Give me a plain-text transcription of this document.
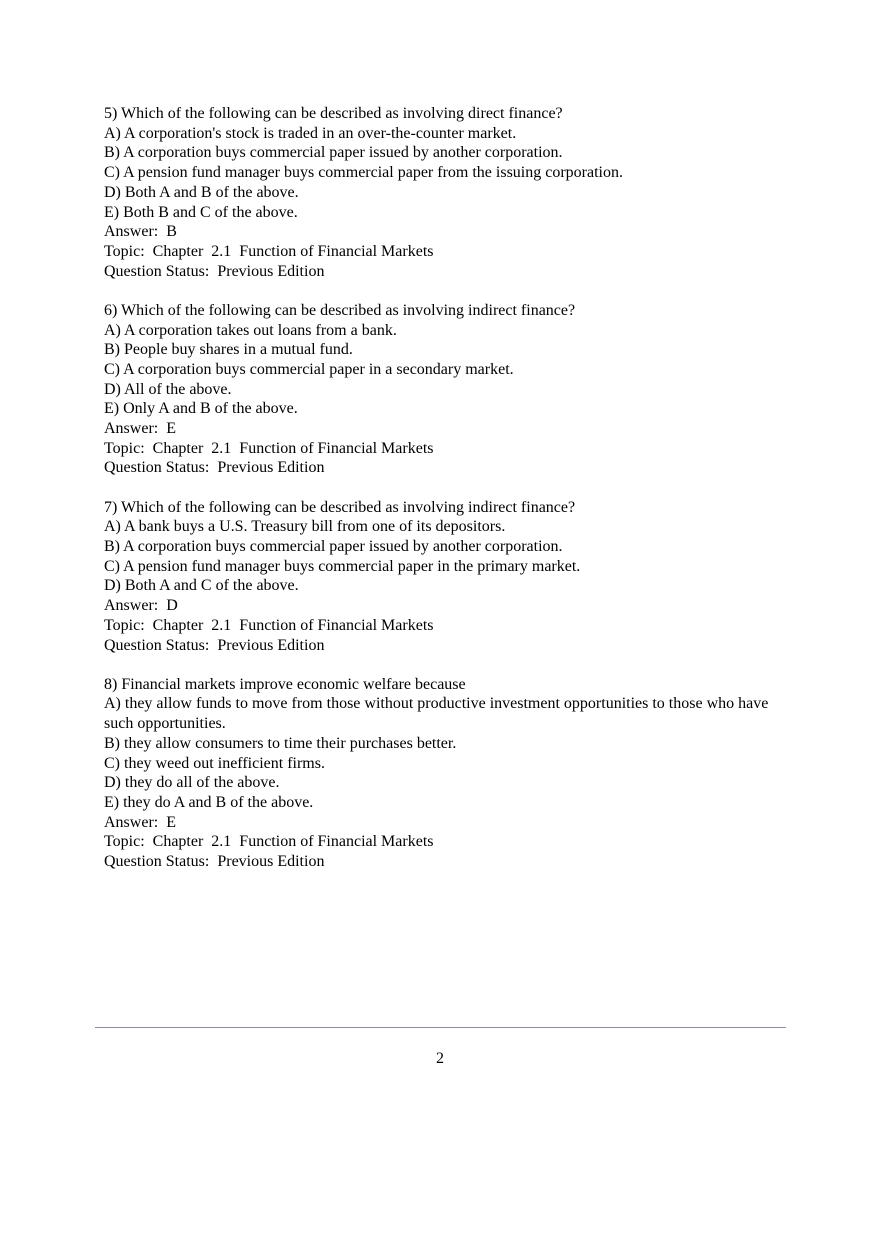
5) Which of the following can be described as involving direct finance?
A) A corporation's stock is traded in an over-the-counter market.
B) A corporation buys commercial paper issued by another corporation.
C) A pension fund manager buys commercial paper from the issuing corporation.
D) Both A and B of the above.
E) Both B and C of the above.
Answer:  B
Topic:  Chapter  2.1  Function of Financial Markets
Question Status:  Previous Edition
6) Which of the following can be described as involving indirect finance?
A) A corporation takes out loans from a bank.
B) People buy shares in a mutual fund.
C) A corporation buys commercial paper in a secondary market.
D) All of the above.
E) Only A and B of the above.
Answer:  E
Topic:  Chapter  2.1  Function of Financial Markets
Question Status:  Previous Edition
7) Which of the following can be described as involving indirect finance?
A) A bank buys a U.S. Treasury bill from one of its depositors.
B) A corporation buys commercial paper issued by another corporation.
C) A pension fund manager buys commercial paper in the primary market.
D) Both A and C of the above.
Answer:  D
Topic:  Chapter  2.1  Function of Financial Markets
Question Status:  Previous Edition
8) Financial markets improve economic welfare because
A) they allow funds to move from those without productive investment opportunities to those who have such opportunities.
B) they allow consumers to time their purchases better.
C) they weed out inefficient firms.
D) they do all of the above.
E) they do A and B of the above.
Answer:  E
Topic:  Chapter  2.1  Function of Financial Markets
Question Status:  Previous Edition
2
